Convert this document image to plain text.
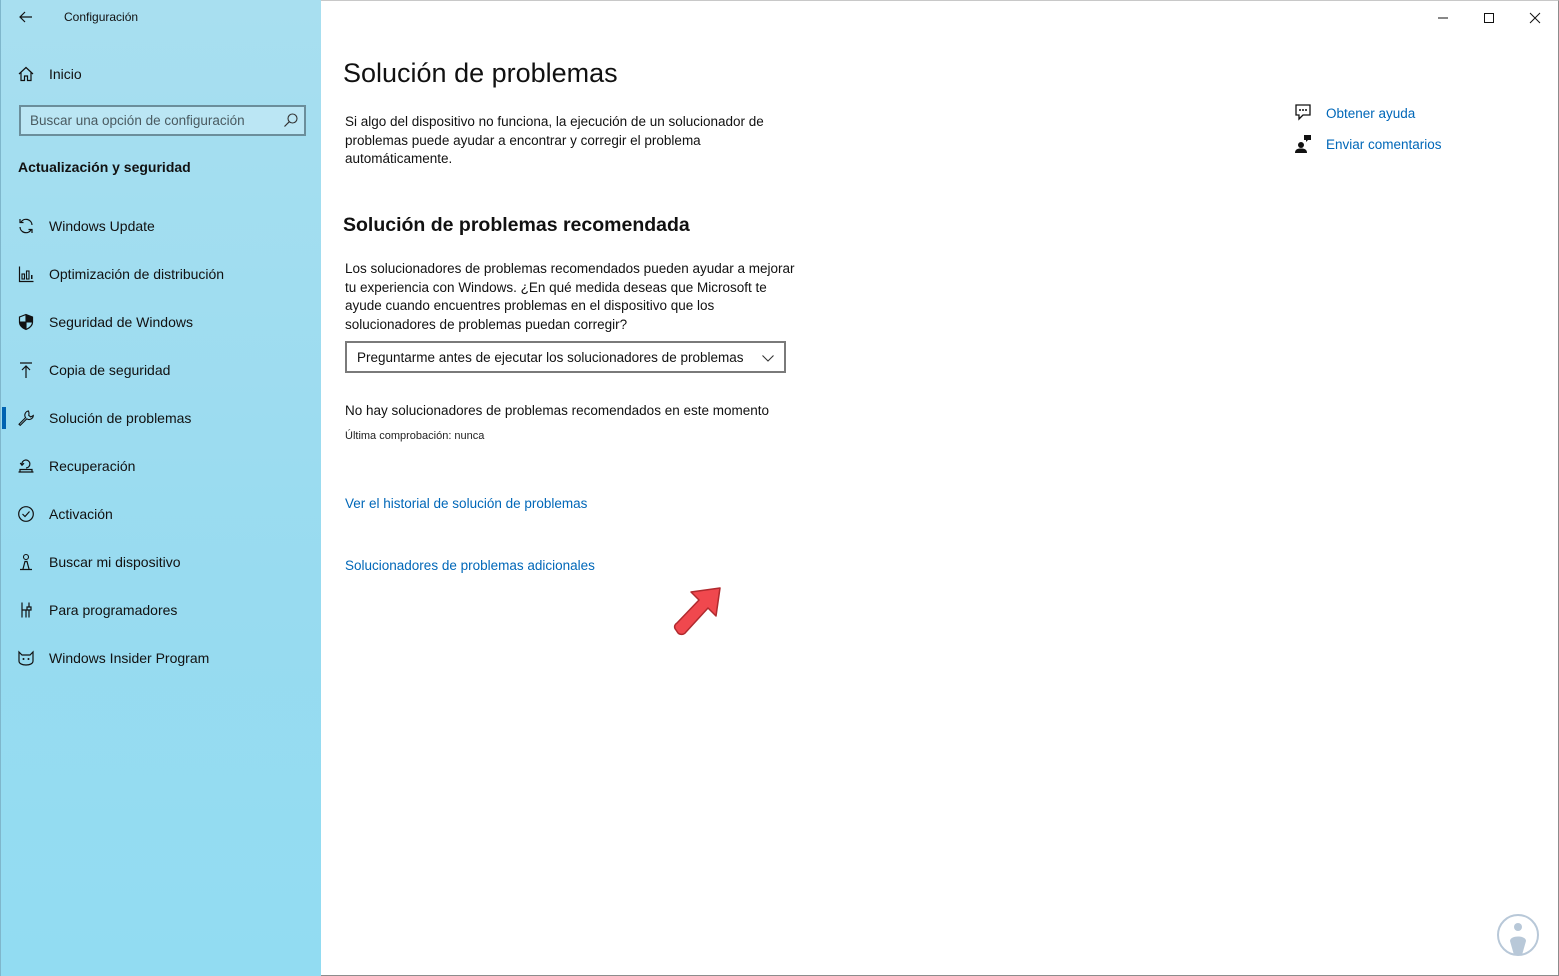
Configuración
Inicio
Buscar una opción de configuración
Actualización y seguridad
Windows Update
Optimización de distribución
Seguridad de Windows
Copia de seguridad
Solución de problemas
Recuperación
Activación
Buscar mi dispositivo
Para programadores
Windows Insider Program
Solución de problemas

Si algo del dispositivo no funciona, la ejecución de un solucionador de problemas puede ayudar a encontrar y corregir el problema automáticamente.

Solución de problemas recomendada

Los solucionadores de problemas recomendados pueden ayudar a mejorar tu experiencia con Windows. ¿En qué medida deseas que Microsoft te ayude cuando encuentres problemas en el dispositivo que los solucionadores de problemas puedan corregir?

Preguntarme antes de ejecutar los solucionadores de problemas

No hay solucionadores de problemas recomendados en este momento

Última comprobación: nunca

Ver el historial de solución de problemas
Solucionadores de problemas adicionales
Obtener ayuda
Enviar comentarios
